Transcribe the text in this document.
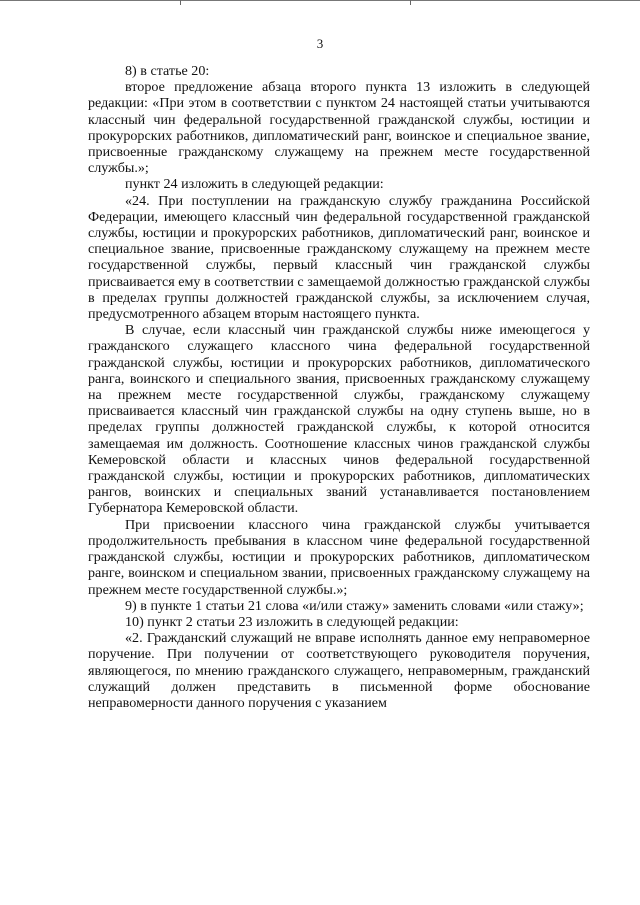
3

8) в статье 20:

второе предложение абзаца второго пункта 13 изложить в следующей редакции: «При этом в соответствии с пунктом 24 настоящей статьи учитываются классный чин федеральной государственной гражданской службы, юстиции и прокурорских работников, дипломатический ранг, воинское и специальное звание, присвоенные гражданскому служащему на прежнем месте государственной службы.»;

пункт 24 изложить в следующей редакции:

«24. При поступлении на гражданскую службу гражданина Российской Федерации, имеющего классный чин федеральной государственной гражданской службы, юстиции и прокурорских работников, дипломатический ранг, воинское и специальное звание, присвоенные гражданскому служащему на прежнем месте государственной службы, первый классный чин гражданской службы присваивается ему в соответствии с замещаемой должностью гражданской службы в пределах группы должностей гражданской службы, за исключением случая, предусмотренного абзацем вторым настоящего пункта.

В случае, если классный чин гражданской службы ниже имеющегося у гражданского служащего классного чина федеральной государственной гражданской службы, юстиции и прокурорских работников, дипломатического ранга, воинского и специального звания, присвоенных гражданскому служащему на прежнем месте государственной службы, гражданскому служащему присваивается классный чин гражданской службы на одну ступень выше, но в пределах группы должностей гражданской службы, к которой относится замещаемая им должность. Соотношение классных чинов гражданской службы Кемеровской области и классных чинов федеральной государственной гражданской службы, юстиции и прокурорских работников, дипломатических рангов, воинских и специальных званий устанавливается постановлением Губернатора Кемеровской области.

При присвоении классного чина гражданской службы учитывается продолжительность пребывания в классном чине федеральной государственной гражданской службы, юстиции и прокурорских работников, дипломатическом ранге, воинском и специальном звании, присвоенных гражданскому служащему на прежнем месте государственной службы.»;

9) в пункте 1 статьи 21 слова «и/или стажу» заменить словами «или стажу»;

10) пункт 2 статьи 23 изложить в следующей редакции:

«2. Гражданский служащий не вправе исполнять данное ему неправомерное поручение. При получении от соответствующего руководителя поручения, являющегося, по мнению гражданского служащего, неправомерным, гражданский служащий должен представить в письменной форме обоснование неправомерности данного поручения с указанием
